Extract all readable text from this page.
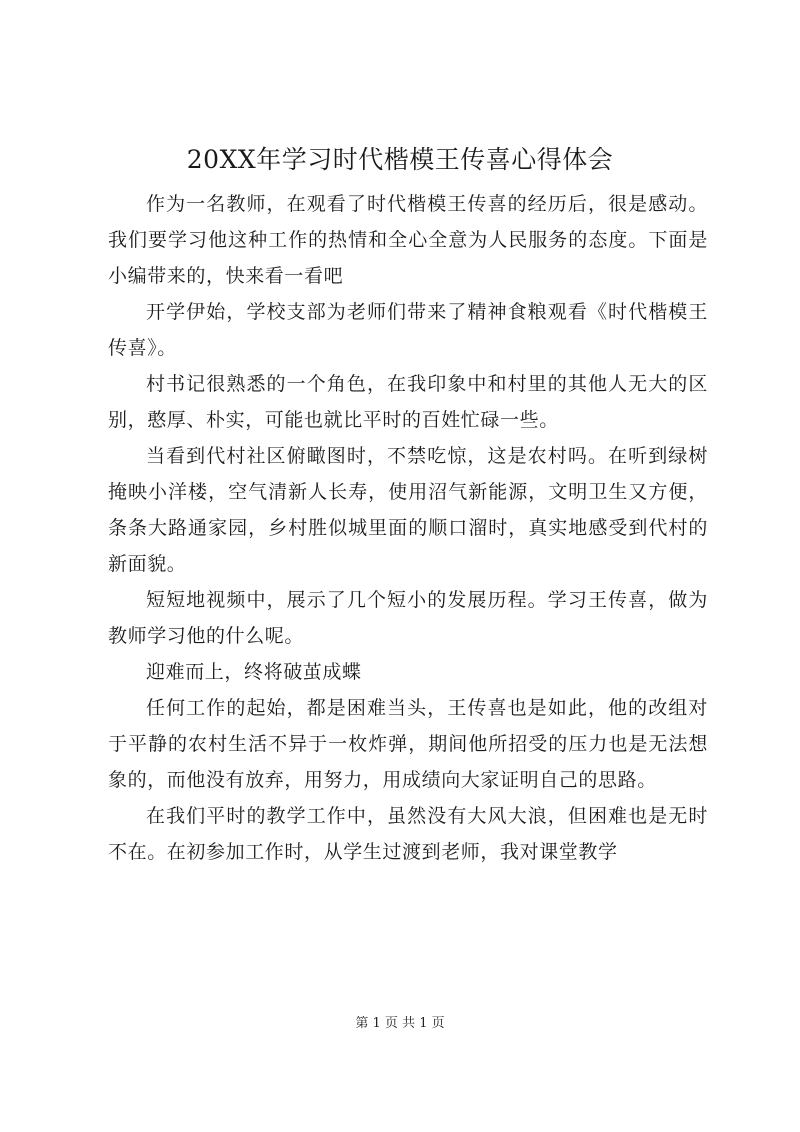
20XX年学习时代楷模王传喜心得体会

作为一名教师，在观看了时代楷模王传喜的经历后，很是感动。我们要学习他这种工作的热情和全心全意为人民服务的态度。下面是小编带来的，快来看一看吧

开学伊始，学校支部为老师们带来了精神食粮观看《时代楷模王传喜》。

村书记很熟悉的一个角色，在我印象中和村里的其他人无大的区别，憨厚、朴实，可能也就比平时的百姓忙碌一些。

当看到代村社区俯瞰图时，不禁吃惊，这是农村吗。在听到绿树掩映小洋楼，空气清新人长寿，使用沼气新能源，文明卫生又方便，条条大路通家园，乡村胜似城里面的顺口溜时，真实地感受到代村的新面貌。

短短地视频中，展示了几个短小的发展历程。学习王传喜，做为教师学习他的什么呢。

迎难而上，终将破茧成蝶

任何工作的起始，都是困难当头，王传喜也是如此，他的改组对于平静的农村生活不异于一枚炸弹，期间他所招受的压力也是无法想象的，而他没有放弃，用努力，用成绩向大家证明自己的思路。

在我们平时的教学工作中，虽然没有大风大浪，但困难也是无时不在。在初参加工作时，从学生过渡到老师，我对课堂教学

第 1 页 共 1 页
